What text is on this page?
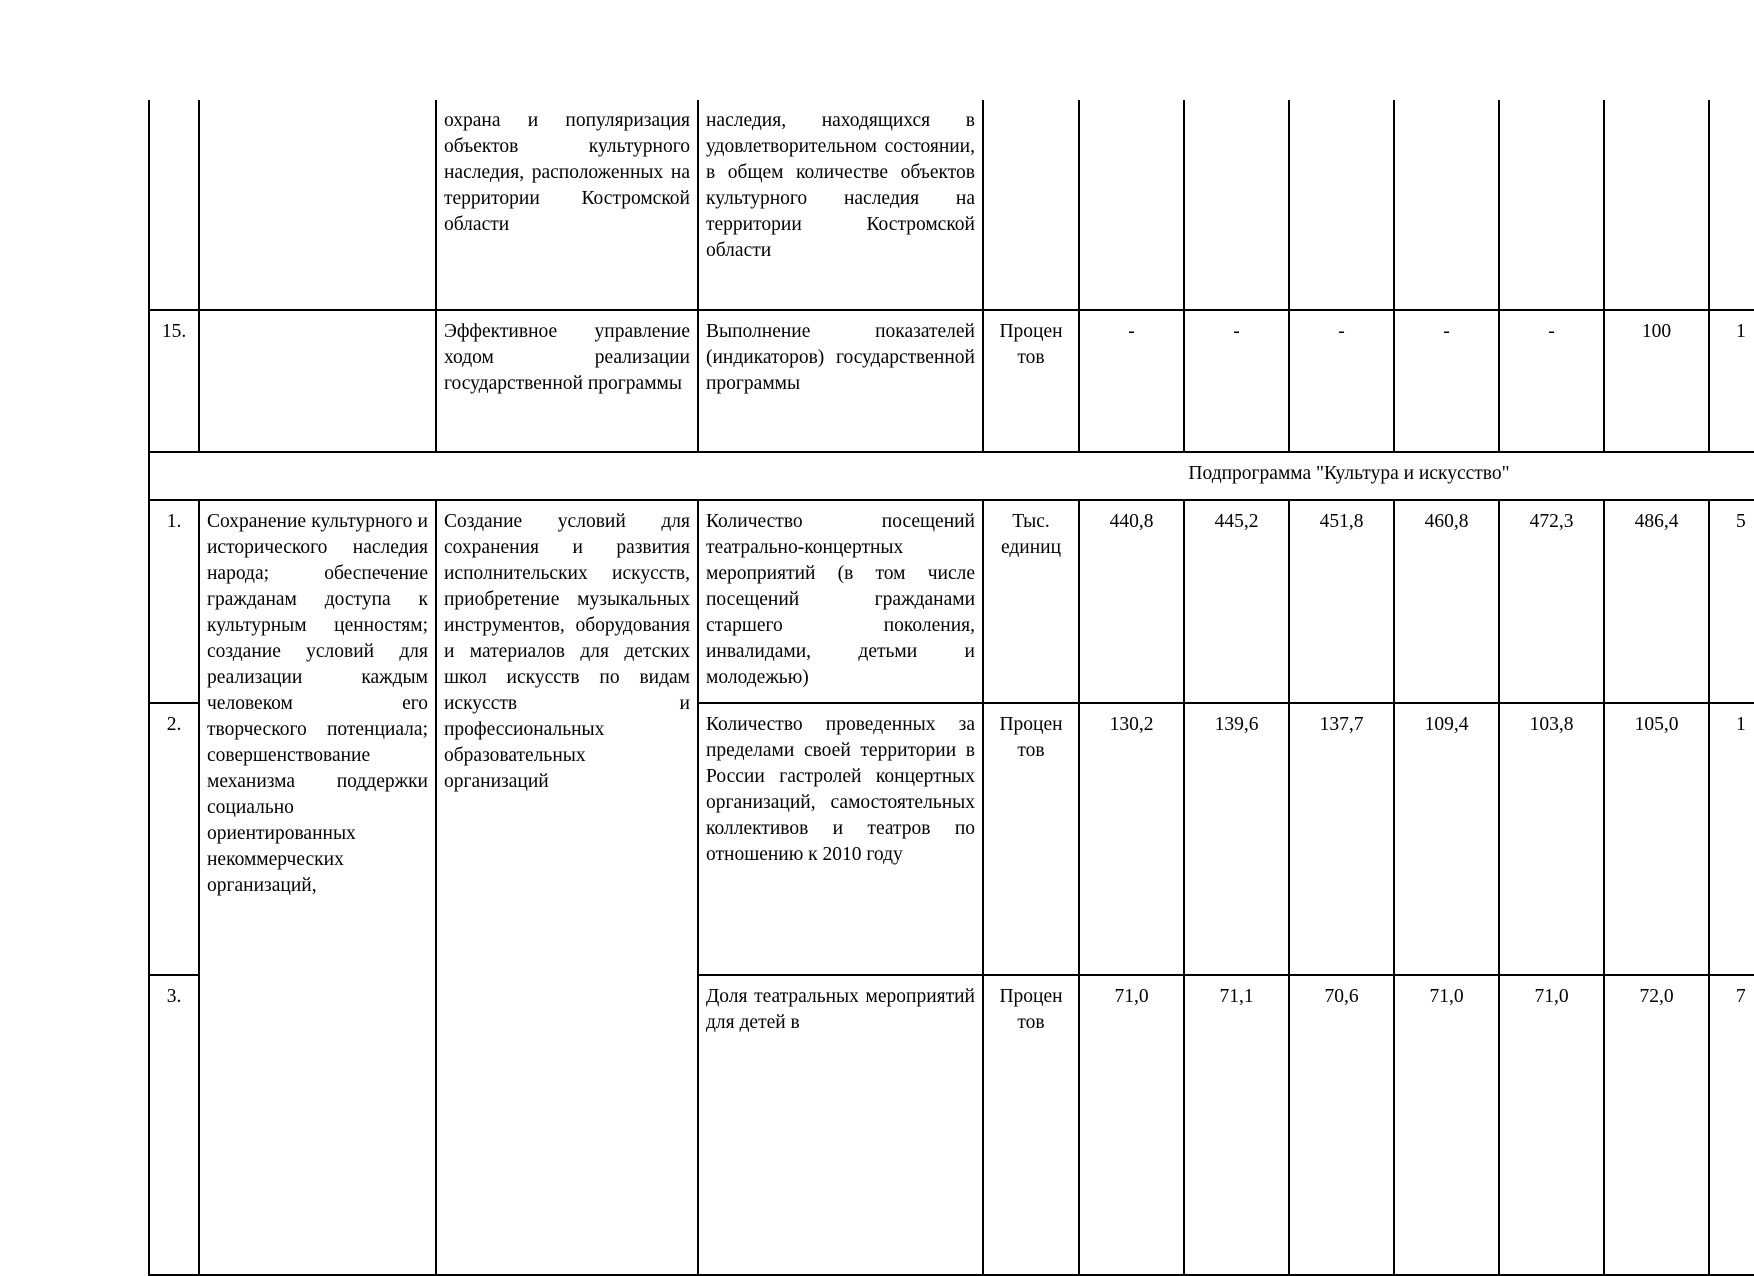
		охрана и популяризация объектов культурного наследия, расположенных на территории Костромской области	наследия, находящихся в удовлетворительном состоянии, в общем количестве объектов культурного наследия на территории Костромской области															
15.		Эффективное управление ходом реализации государственной программы	Выполнение показателей (индикаторов) государственной программы	Процен тов	-	-	-	-	-	100	1							
Подпрограмма "Культура и искусство"																		
1.	Сохранение культурного и исторического наследия народа; обеспечение гражданам доступа к культурным ценностям; создание условий для реализации каждым человеком его творческого потенциала; совершенствование механизма поддержки социально ориентированных некоммерческих организаций,	Создание условий для сохранения и развития исполнительских искусств, приобретение музыкальных инструментов, оборудования и материалов для детских школ искусств по видам искусств и профессиональных образовательных организаций	Количество посещений театрально-концертных мероприятий (в том числе посещений гражданами старшего поколения, инвалидами, детьми и молодежью)	Тыс. единиц	440,8	445,2	451,8	460,8	472,3	486,4	5							
2.			Количество проведенных за пределами своей территории в России гастролей концертных организаций, самостоятельных коллективов и театров по отношению к 2010 году	Процен тов	130,2	139,6	137,7	109,4	103,8	105,0	1							
3.			Доля театральных мероприятий для детей в	Процен тов	71,0	71,1	70,6	71,0	71,0	72,0	7							
